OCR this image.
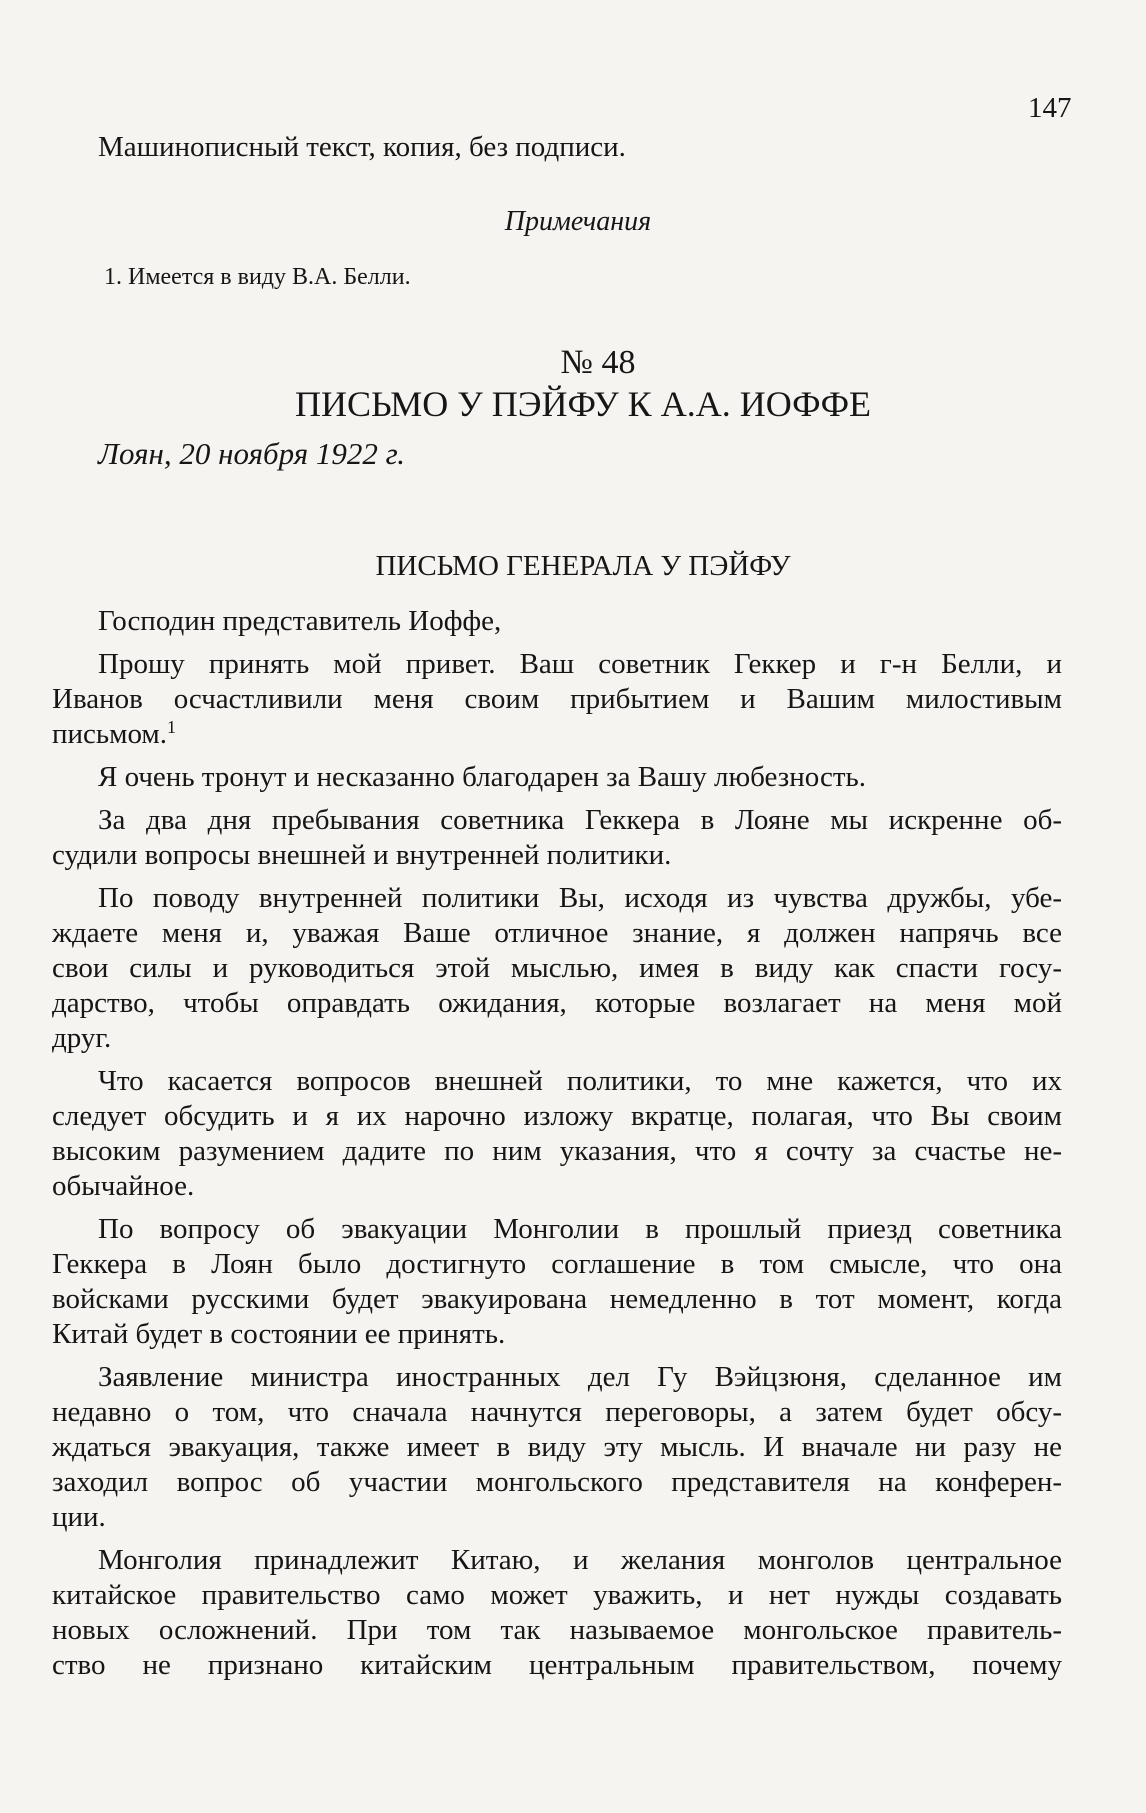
147
Машинописный текст, копия, без подписи.
Примечания
1. Имеется в виду В.А. Белли.
№ 48
ПИСЬМО У ПЭЙФУ К А.А. ИОФФЕ
Лоян, 20 ноября 1922 г.
ПИСЬМО ГЕНЕРАЛА У ПЭЙФУ
Господин представитель Иоффе,
Прошу принять мой привет. Ваш советник Геккер и г-н Белли, и
Иванов осчастливили меня своим прибытием и Вашим милостивым
письмом.$^1$
Я очень тронут и несказанно благодарен за Вашу любезность.
За два дня пребывания советника Геккера в Лояне мы искренне об-
судили вопросы внешней и внутренней политики.
По поводу внутренней политики Вы, исходя из чувства дружбы, убе-
ждаете меня и, уважая Ваше отличное знание, я должен напрячь все
свои силы и руководиться этой мыслью, имея в виду как спасти госу-
дарство, чтобы оправдать ожидания, которые возлагает на меня мой
друг.
Что касается вопросов внешней политики, то мне кажется, что их
следует обсудить и я их нарочно изложу вкратце, полагая, что Вы своим
высоким разумением дадите по ним указания, что я сочту за счастье не-
обычайное.
По вопросу об эвакуации Монголии в прошлый приезд советника
Геккера в Лоян было достигнуто соглашение в том смысле, что она
войсками русскими будет эвакуирована немедленно в тот момент, когда
Китай будет в состоянии ее принять.
Заявление министра иностранных дел Гу Вэйцзюня, сделанное им
недавно о том, что сначала начнутся переговоры, а затем будет обсу-
ждаться эвакуация, также имеет в виду эту мысль. И вначале ни разу не
заходил вопрос об участии монгольского представителя на конферен-
ции.
Монголия принадлежит Китаю, и желания монголов центральное
китайское правительство само может уважить, и нет нужды создавать
новых осложнений. При том так называемое монгольское правитель-
ство не признано китайским центральным правительством, почему
